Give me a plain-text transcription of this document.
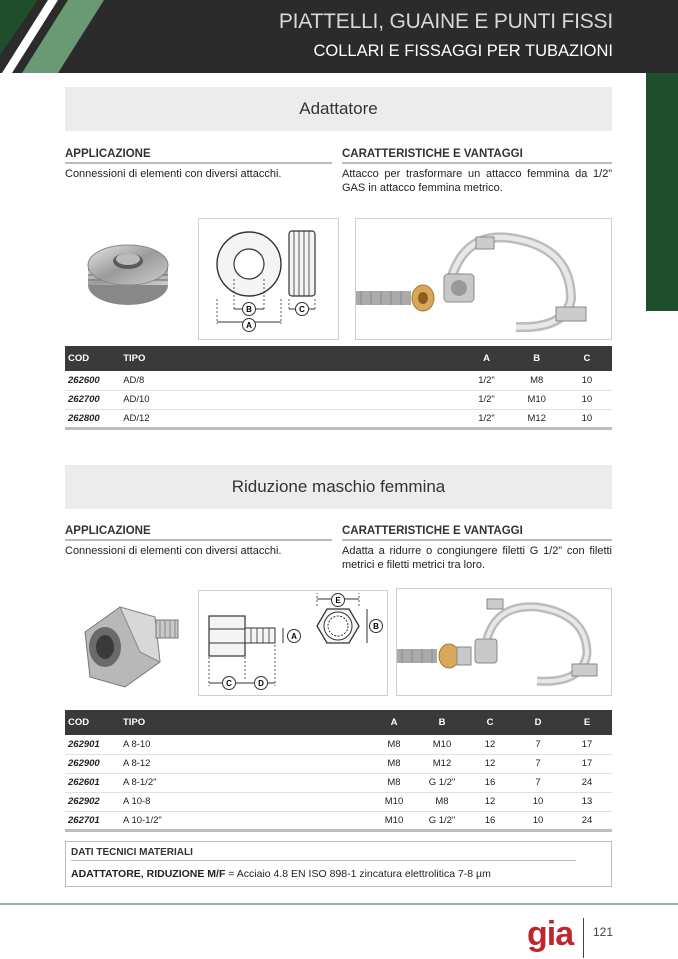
PIATTELLI, GUAINE E PUNTI FISSI
COLLARI E FISSAGGI PER TUBAZIONI
Adattatore
APPLICAZIONE
Connessioni di elementi con diversi attacchi.
CARATTERISTICHE E VANTAGGI
Attacco per trasformare un attacco femmina da 1/2” GAS in attacco femmina metrico.
B
A
C
COD	TIPO	A	B	C
262600	AD/8	1/2"	M8	10
262700	AD/10	1/2"	M10	10
262800	AD/12	1/2"	M12	10
Riduzione maschio femmina
APPLICAZIONE
Connessioni di elementi con diversi attacchi.
CARATTERISTICHE E VANTAGGI
Adatta a ridurre o congiungere filetti G 1/2” con filetti metrici e filetti metrici tra loro.
E
A
B
C	D
COD	TIPO	A	B	C	D	E
262901	A 8-10	M8	M10	12	7	17
262900	A 8-12	M8	M12	12	7	17
262601	A 8-1/2"	M8	G 1/2"	16	7	24
262902	A 10-8	M10	M8	12	10	13
262701	A 10-1/2"	M10	G 1/2"	16	10	24
DATI TECNICI MATERIALI
ADATTATORE, RIDUZIONE M/F = Acciaio 4.8 EN ISO 898-1 zincatura elettrolitica 7-8 µm
gia 121
